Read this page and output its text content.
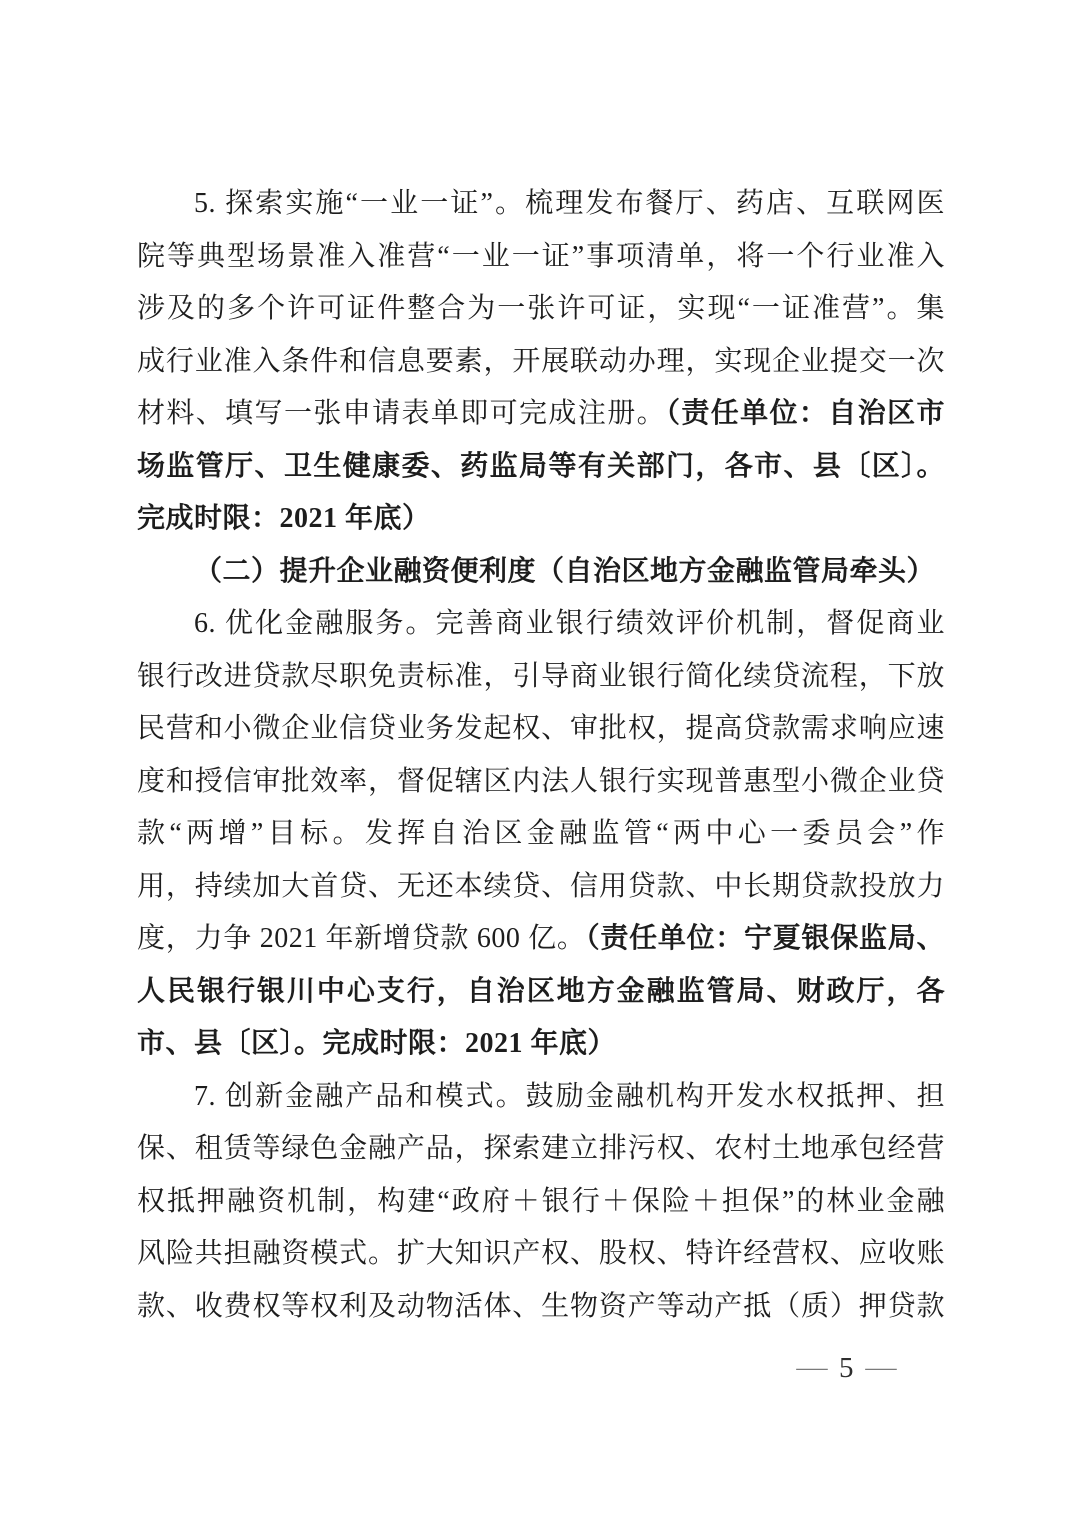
5. 探索实施“一业一证”。梳理发布餐厅、药店、互联网医
院等典型场景准入准营“一业一证”事项清单，将一个行业准入
涉及的多个许可证件整合为一张许可证，实现“一证准营”。集
成行业准入条件和信息要素，开展联动办理，实现企业提交一次
材料、填写一张申请表单即可完成注册。（责任单位：自治区市
场监管厅、卫生健康委、药监局等有关部门，各市、县〔区〕。
完成时限：2021 年底）
（二）提升企业融资便利度（自治区地方金融监管局牵头）
6. 优化金融服务。完善商业银行绩效评价机制，督促商业
银行改进贷款尽职免责标准，引导商业银行简化续贷流程，下放
民营和小微企业信贷业务发起权、审批权，提高贷款需求响应速
度和授信审批效率，督促辖区内法人银行实现普惠型小微企业贷
款“两增”目标。发挥自治区金融监管“两中心一委员会”作
用，持续加大首贷、无还本续贷、信用贷款、中长期贷款投放力
度，力争 2021 年新增贷款 600 亿。（责任单位：宁夏银保监局、
人民银行银川中心支行，自治区地方金融监管局、财政厅，各
市、县〔区〕。完成时限：2021 年底）
7. 创新金融产品和模式。鼓励金融机构开发水权抵押、担
保、租赁等绿色金融产品，探索建立排污权、农村土地承包经营
权抵押融资机制，构建“政府＋银行＋保险＋担保”的林业金融
风险共担融资模式。扩大知识产权、股权、特许经营权、应收账
款、收费权等权利及动物活体、生物资产等动产抵（质）押贷款
— 5 —
